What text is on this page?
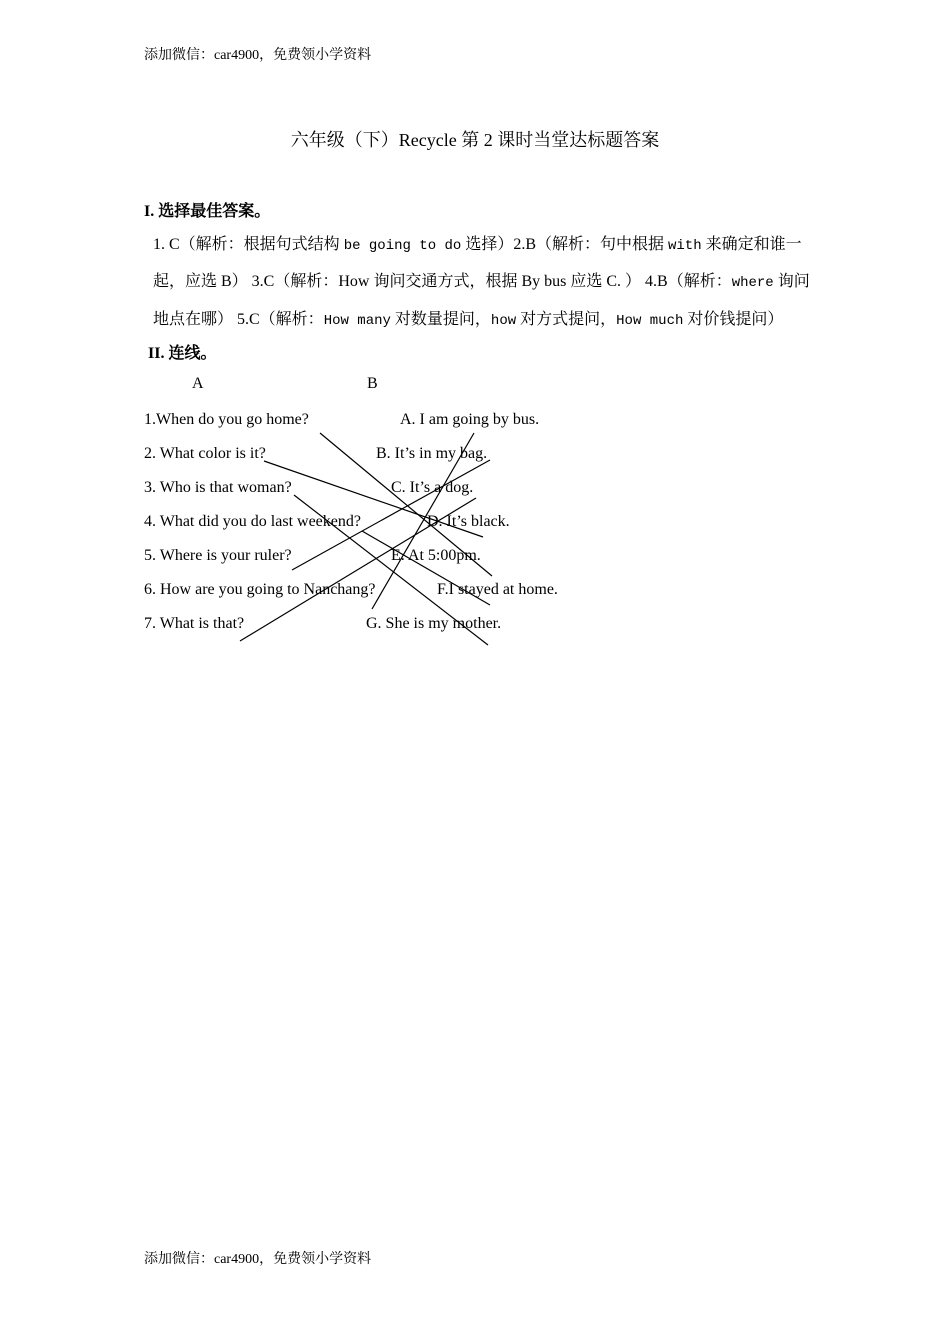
添加微信：car4900，免费领小学资料
六年级（下）Recycle 第 2 课时当堂达标题答案
I. 选择最佳答案。
1. C（解析：根据句式结构 be going to do 选择）2.B（解析：句中根据 with 来确定和谁一
起，应选 B） 3.C（解析：How 询问交通方式，根据 By bus 应选 C. ） 4.B（解析：where 询问
地点在哪） 5.C（解析：How many 对数量提问，how 对方式提问，How much 对价钱提问）
II. 连线。
A	B
1.When do you go home?
2. What color is it?
3. Who is that woman?
4. What did you do last weekend?
5. Where is your ruler?
6. How are you going to Nanchang?
7. What is that?
A. I am going by bus.
B. It’s in my bag.
C. It’s a dog.
D. It’s black.
E. At 5:00pm.
F.I stayed at home.
G. She is my mother.
添加微信：car4900，免费领小学资料
